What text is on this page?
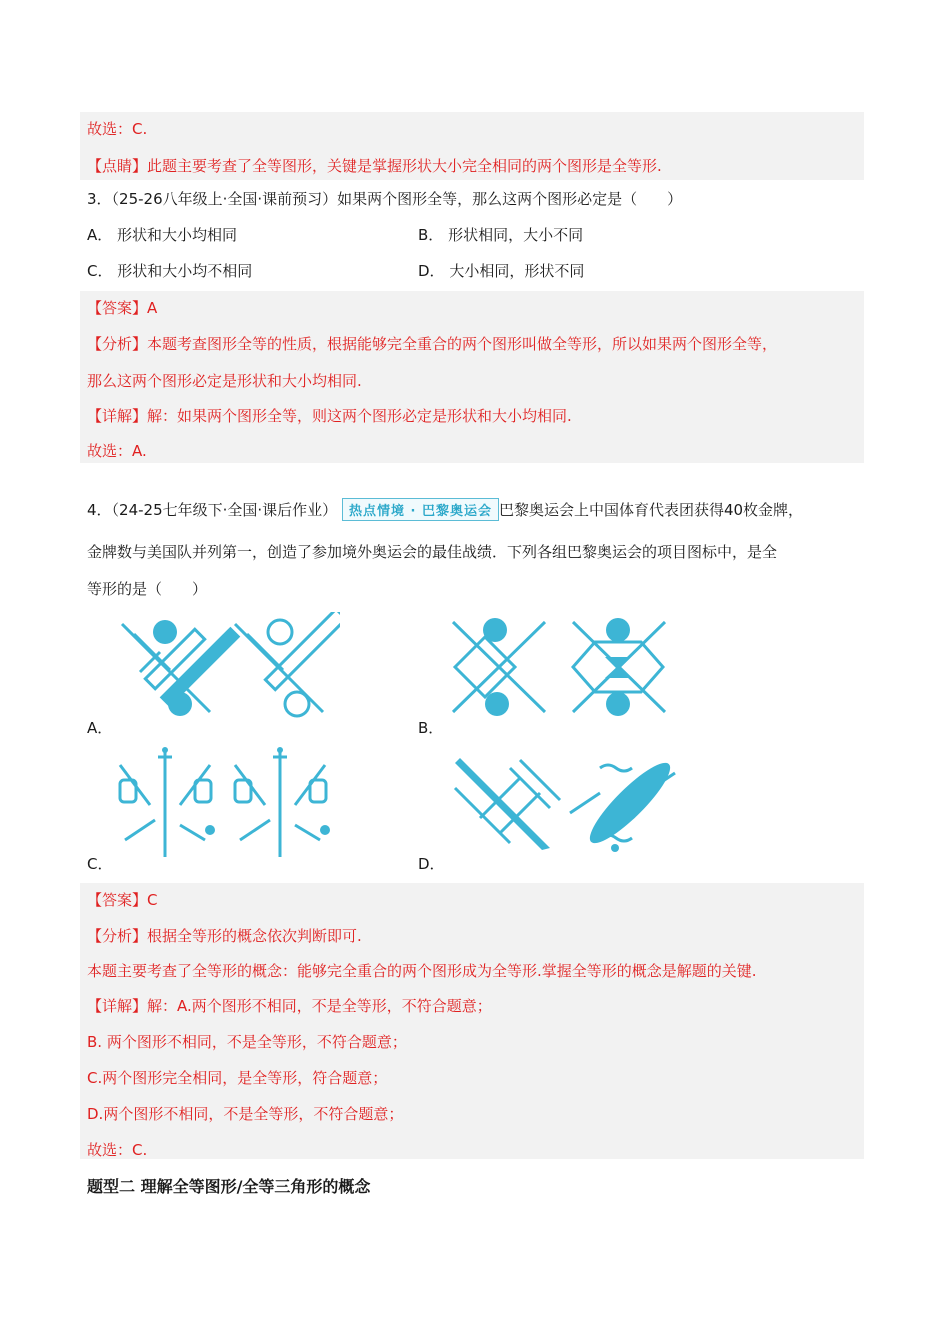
故选：C.
【点睛】此题主要考查了全等图形，关键是掌握形状大小完全相同的两个图形是全等形.
3．（25-26八年级上·全国·课前预习）如果两个图形全等，那么这两个图形必定是（　　）
A． 形状和大小均相同	B． 形状相同，大小不同
C． 形状和大小均不相同	D． 大小相同，形状不同
【答案】A
【分析】本题考查图形全等的性质，根据能够完全重合的两个图形叫做全等形，所以如果两个图形全等，
那么这两个图形必定是形状和大小均相同.
【详解】解：如果两个图形全等，则这两个图形必定是形状和大小均相同.
故选：A.
4．（24-25七年级下·全国·课后作业） 热点情境 · 巴黎奥运会 巴黎奥运会上中国体育代表团获得40枚金牌，
金牌数与美国队并列第一，创造了参加境外奥运会的最佳战绩．下列各组巴黎奥运会的项目图标中，是全
等形的是（　　）
A．	B．
C．	D．
【答案】C
【分析】根据全等形的概念依次判断即可.
本题主要考查了全等形的概念：能够完全重合的两个图形成为全等形.掌握全等形的概念是解题的关键.
【详解】解：A.两个图形不相同，不是全等形，不符合题意；
B. 两个图形不相同，不是全等形，不符合题意；
C.两个图形完全相同，是全等形，符合题意；
D.两个图形不相同，不是全等形，不符合题意；
故选：C.
题型二 理解全等图形/全等三角形的概念
